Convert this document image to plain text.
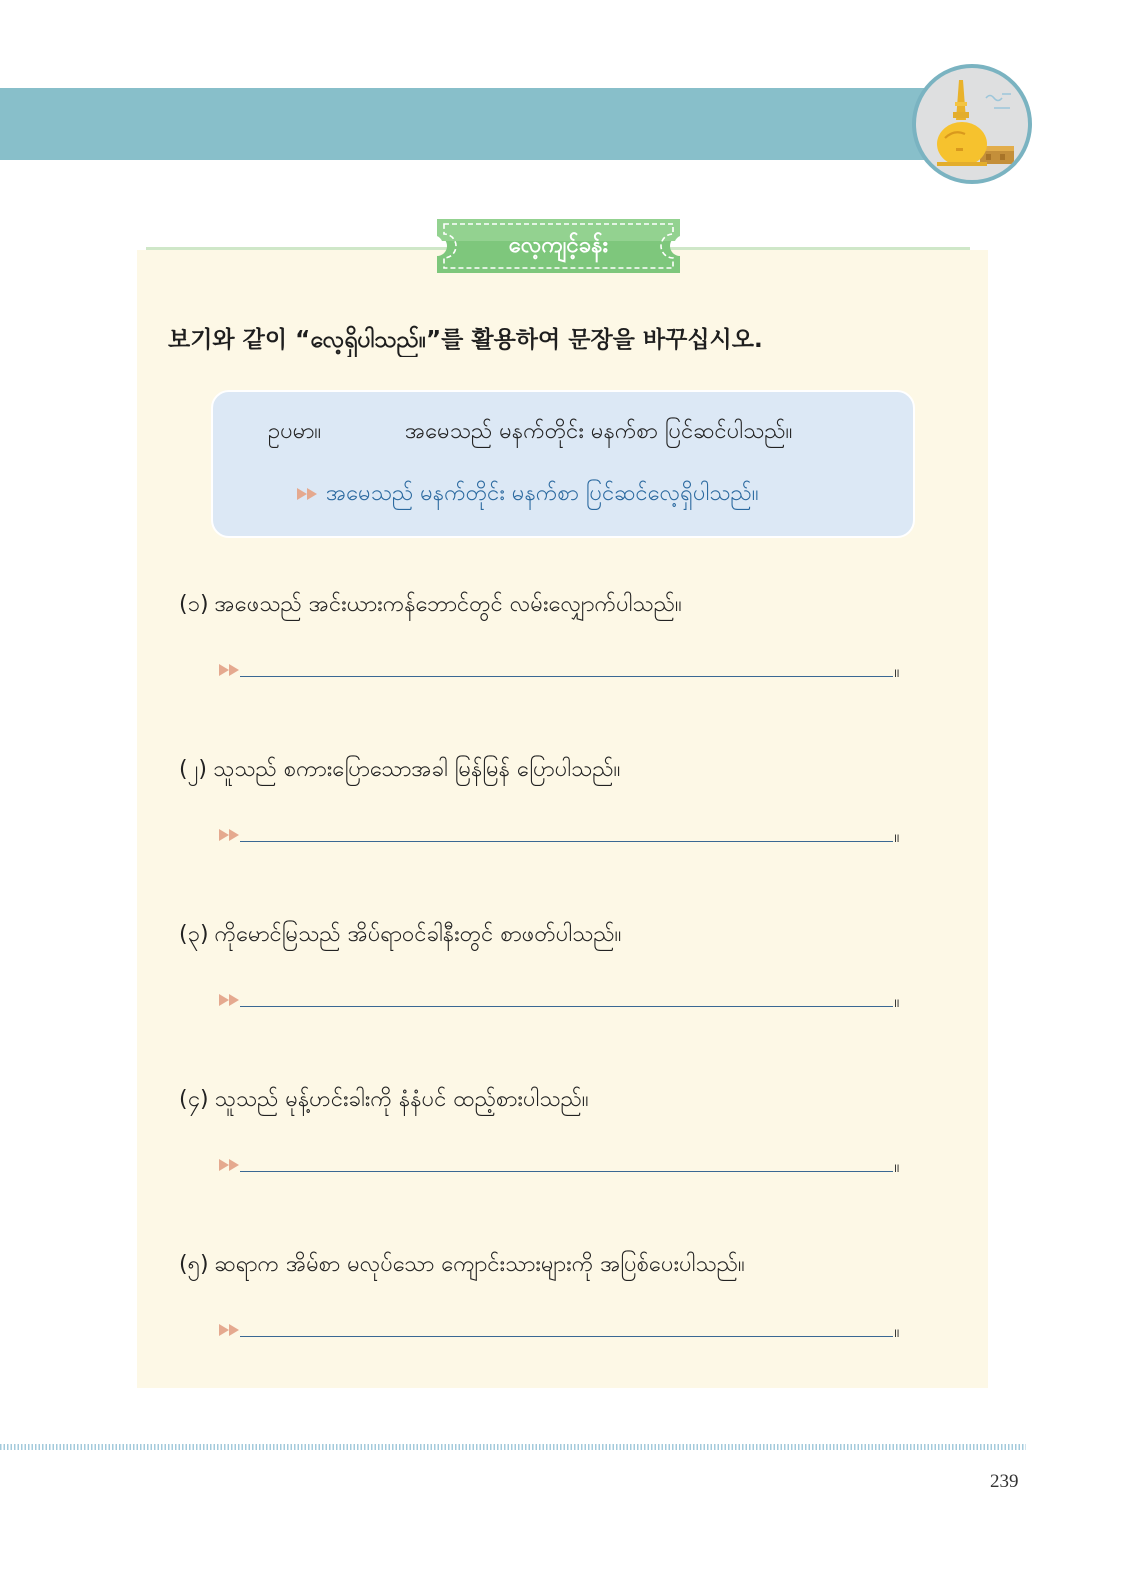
လေ့ကျင့်ခန်း
보기와 같이 “လေ့ရှိပါသည်။”를 활용하여 문장을 바꾸십시오.
ဥပမာ။	အမေသည် မနက်တိုင်း မနက်စာ ပြင်ဆင်ပါသည်။
အမေသည် မနက်တိုင်း မနက်စာ ပြင်ဆင်လေ့ရှိပါသည်။
(၁) အဖေသည် အင်းယားကန်ဘောင်တွင် လမ်းလျှောက်ပါသည်။
။
(၂) သူသည် စကားပြောသောအခါ မြန်မြန် ပြောပါသည်။
။
(၃) ကိုမောင်မြသည် အိပ်ရာဝင်ခါနီးတွင် စာဖတ်ပါသည်။
။
(၄) သူသည် မုန့်ဟင်းခါးကို နံနံပင် ထည့်စားပါသည်။
။
(၅) ဆရာက အိမ်စာ မလုပ်သော ကျောင်းသားများကို အပြစ်ပေးပါသည်။
။
239
